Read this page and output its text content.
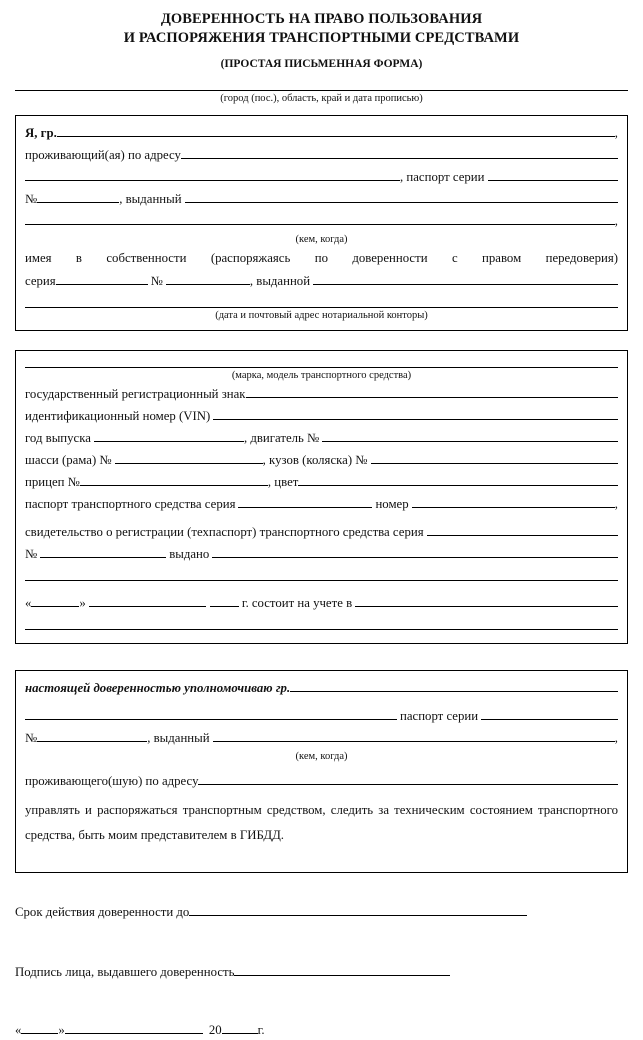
ДОВЕРЕННОСТЬ НА ПРАВО ПОЛЬЗОВАНИЯ
И РАСПОРЯЖЕНИЯ ТРАНСПОРТНЫМИ СРЕДСТВАМИ
(ПРОСТАЯ ПИСЬМЕННАЯ ФОРМА)
(город (пос.), область, край и дата прописью)
Я, гр.	,
проживающий(ая) по адресу
, паспорт серии
№	, выданный
,
(кем, когда)
имея в собственности (распоряжаясь по доверенности с правом передоверия)
серия	№	, выданной
(дата и почтовый адрес нотариальной конторы)
(марка, модель транспортного средства)
государственный регистрационный знак
идентификационный номер (VIN)
год выпуска	, двигатель №
шасси (рама) №	, кузов (коляска) №
прицеп №	, цвет
паспорт транспортного средства серия	номер	,
свидетельство о регистрации (техпаспорт) транспортного средства серия
№	выдано
«	»	г. состоит на учете в
настоящей доверенностью уполномочиваю гр.
паспорт серии
№	, выданный	,
(кем, когда)
проживающего(шую) по адресу
управлять и распоряжаться транспортным средством, следить за техническим состоянием транспортного средства, быть моим представителем в ГИБДД.
Срок действия доверенности до
Подпись лица, выдавшего доверенность
«	»	20	г.
